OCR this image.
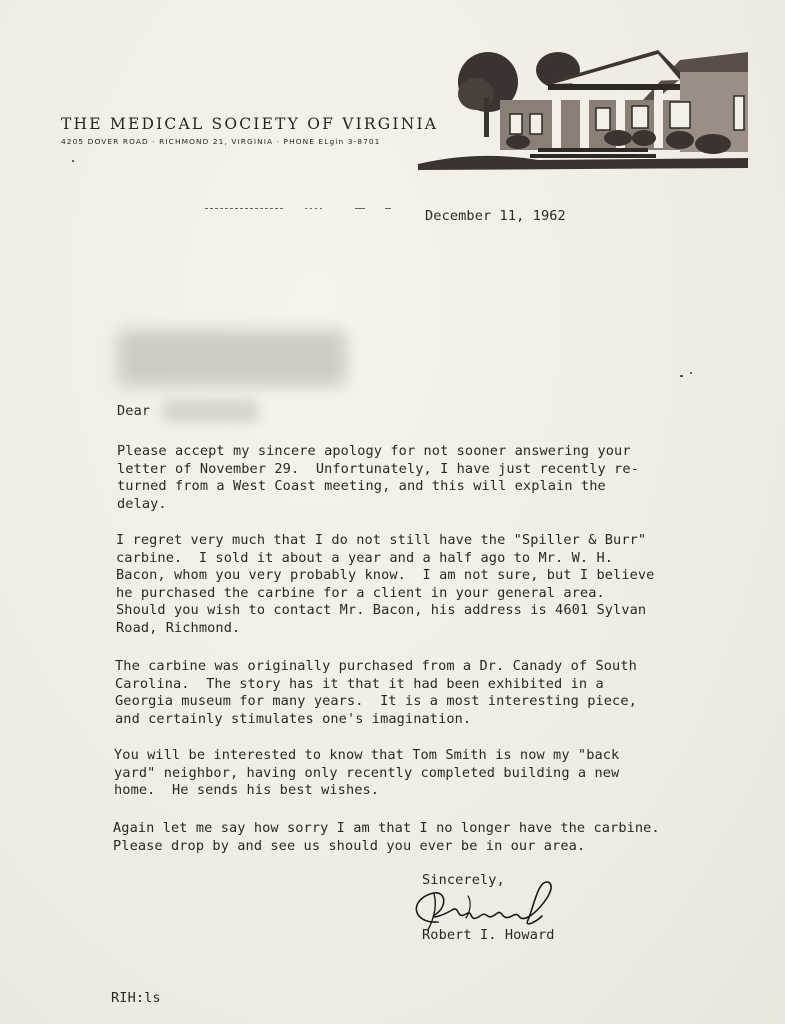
THE MEDICAL SOCIETY OF VIRGINIA
4205 DOVER ROAD · RICHMOND 21, VIRGINIA · PHONE ELgin 3-8701
December 11, 1962
Dear
Please accept my sincere apology for not sooner answering your
letter of November 29.  Unfortunately, I have just recently re-
turned from a West Coast meeting, and this will explain the
delay.
I regret very much that I do not still have the "Spiller & Burr"
carbine.  I sold it about a year and a half ago to Mr. W. H.
Bacon, whom you very probably know.  I am not sure, but I believe
he purchased the carbine for a client in your general area.
Should you wish to contact Mr. Bacon, his address is 4601 Sylvan
Road, Richmond.
The carbine was originally purchased from a Dr. Canady of South
Carolina.  The story has it that it had been exhibited in a
Georgia museum for many years.  It is a most interesting piece,
and certainly stimulates one's imagination.
You will be interested to know that Tom Smith is now my "back
yard" neighbor, having only recently completed building a new
home.  He sends his best wishes.
Again let me say how sorry I am that I no longer have the carbine.
Please drop by and see us should you ever be in our area.
Sincerely,
Robert I. Howard
RIH:ls
